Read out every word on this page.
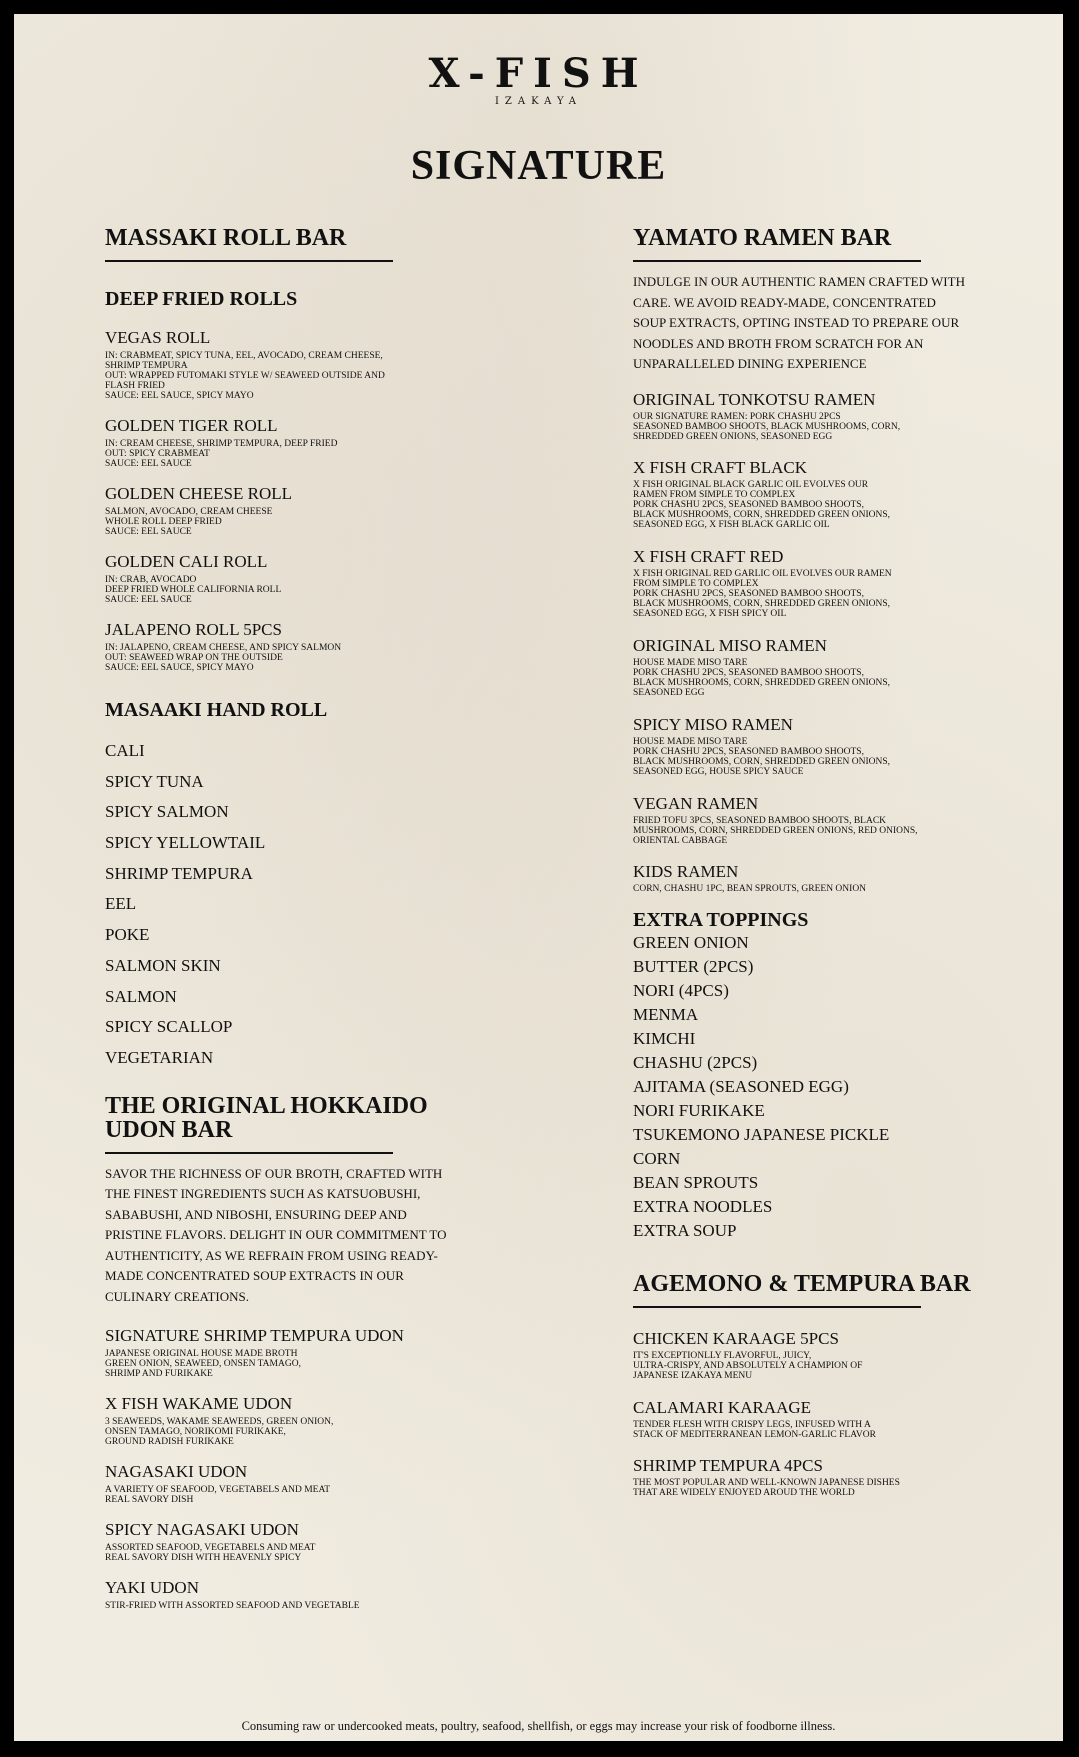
X-FISH
IZAKAYA
SIGNATURE
MASSAKI ROLL BAR
DEEP FRIED ROLLS

VEGAS ROLL

IN: CRABMEAT, SPICY TUNA, EEL, AVOCADO, CREAM CHEESE,
SHRIMP TEMPURA
OUT: WRAPPED FUTOMAKI STYLE W/ SEAWEED OUTSIDE AND
FLASH FRIED
SAUCE: EEL SAUCE, SPICY MAYO

GOLDEN TIGER ROLL

IN: CREAM CHEESE, SHRIMP TEMPURA, DEEP FRIED
OUT: SPICY CRABMEAT
SAUCE: EEL SAUCE

GOLDEN CHEESE ROLL

SALMON, AVOCADO, CREAM CHEESE
WHOLE ROLL DEEP FRIED
SAUCE: EEL SAUCE

GOLDEN CALI ROLL

IN: CRAB, AVOCADO
DEEP FRIED WHOLE CALIFORNIA ROLL
SAUCE: EEL SAUCE

JALAPENO ROLL 5PCS

IN: JALAPENO, CREAM CHEESE, AND SPICY SALMON
OUT: SEAWEED WRAP ON THE OUTSIDE
SAUCE: EEL SAUCE, SPICY MAYO

MASAAKI HAND ROLL
CALI
SPICY TUNA
SPICY SALMON
SPICY YELLOWTAIL
SHRIMP TEMPURA
EEL
POKE
SALMON SKIN
SALMON
SPICY SCALLOP
VEGETARIAN
THE ORIGINAL HOKKAIDO
UDON BAR

SAVOR THE RICHNESS OF OUR BROTH, CRAFTED WITH THE FINEST INGREDIENTS SUCH AS KATSUOBUSHI, SABABUSHI, AND NIBOSHI, ENSURING DEEP AND PRISTINE FLAVORS. DELIGHT IN OUR COMMITMENT TO AUTHENTICITY, AS WE REFRAIN FROM USING READY- MADE CONCENTRATED SOUP EXTRACTS IN OUR CULINARY CREATIONS.

SIGNATURE SHRIMP TEMPURA UDON

JAPANESE ORIGINAL HOUSE MADE BROTH
GREEN ONION, SEAWEED, ONSEN TAMAGO,
SHRIMP AND FURIKAKE

X FISH WAKAME UDON

3 SEAWEEDS, WAKAME SEAWEEDS, GREEN ONION,
ONSEN TAMAGO, NORIKOMI FURIKAKE,
GROUND RADISH FURIKAKE

NAGASAKI UDON

A VARIETY OF SEAFOOD, VEGETABELS AND MEAT
REAL SAVORY DISH

SPICY NAGASAKI UDON

ASSORTED SEAFOOD, VEGETABELS AND MEAT
REAL SAVORY DISH WITH HEAVENLY SPICY

YAKI UDON

STIR-FRIED WITH ASSORTED SEAFOOD AND VEGETABLE

YAMATO RAMEN BAR

INDULGE IN OUR AUTHENTIC RAMEN CRAFTED WITH CARE. WE AVOID READY-MADE, CONCENTRATED SOUP EXTRACTS, OPTING INSTEAD TO PREPARE OUR NOODLES AND BROTH FROM SCRATCH FOR AN UNPARALLELED DINING EXPERIENCE

ORIGINAL TONKOTSU RAMEN

OUR SIGNATURE RAMEN: PORK CHASHU 2PCS
SEASONED BAMBOO SHOOTS, BLACK MUSHROOMS, CORN,
SHREDDED GREEN ONIONS, SEASONED EGG

X FISH CRAFT BLACK

X FISH ORIGINAL BLACK GARLIC OIL EVOLVES OUR
RAMEN FROM SIMPLE TO COMPLEX
PORK CHASHU 2PCS, SEASONED BAMBOO SHOOTS,
BLACK MUSHROOMS, CORN, SHREDDED GREEN ONIONS,
SEASONED EGG, X FISH BLACK GARLIC OIL

X FISH CRAFT RED

X FISH ORIGINAL RED GARLIC OIL EVOLVES OUR RAMEN
FROM SIMPLE TO COMPLEX
PORK CHASHU 2PCS, SEASONED BAMBOO SHOOTS,
BLACK MUSHROOMS, CORN, SHREDDED GREEN ONIONS,
SEASONED EGG, X FISH SPICY OIL

ORIGINAL MISO RAMEN

HOUSE MADE MISO TARE
PORK CHASHU 2PCS, SEASONED BAMBOO SHOOTS,
BLACK MUSHROOMS, CORN, SHREDDED GREEN ONIONS,
SEASONED EGG

SPICY MISO RAMEN

HOUSE MADE MISO TARE
PORK CHASHU 2PCS, SEASONED BAMBOO SHOOTS,
BLACK MUSHROOMS, CORN, SHREDDED GREEN ONIONS,
SEASONED EGG, HOUSE SPICY SAUCE

VEGAN RAMEN

FRIED TOFU 3PCS, SEASONED BAMBOO SHOOTS, BLACK
MUSHROOMS, CORN, SHREDDED GREEN ONIONS, RED ONIONS,
ORIENTAL CABBAGE

KIDS RAMEN

CORN, CHASHU 1PC, BEAN SPROUTS, GREEN ONION

EXTRA TOPPINGS
GREEN ONION
BUTTER (2PCS)
NORI (4PCS)
MENMA
KIMCHI
CHASHU (2PCS)
AJITAMA (SEASONED EGG)
NORI FURIKAKE
TSUKEMONO JAPANESE PICKLE
CORN
BEAN SPROUTS
EXTRA NOODLES
EXTRA SOUP
AGEMONO & TEMPURA BAR

CHICKEN KARAAGE 5PCS

IT'S EXCEPTIONLLY FLAVORFUL, JUICY,
ULTRA-CRISPY, AND ABSOLUTELY A CHAMPION OF
JAPANESE IZAKAYA MENU

CALAMARI KARAAGE

TENDER FLESH WITH CRISPY LEGS, INFUSED WITH A
STACK OF MEDITERRANEAN LEMON-GARLIC FLAVOR

SHRIMP TEMPURA 4PCS

THE MOST POPULAR AND WELL-KNOWN JAPANESE DISHES
THAT ARE WIDELY ENJOYED AROUD THE WORLD

Consuming raw or undercooked meats, poultry, seafood, shellfish, or eggs may increase your risk of foodborne illness.
